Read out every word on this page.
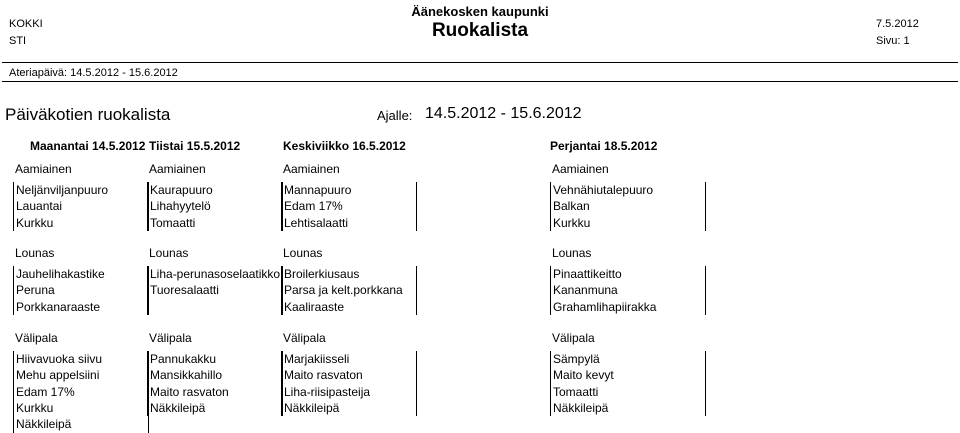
KOKKI
STI
Äänekosken kaupunki
Ruokalista	7.5.2012
Sivu: 1
Ateriapäivä: 14.5.2012 - 15.6.2012
Päiväkotien ruokalista	Ajalle: 14.5.2012 - 15.6.2012
Maanantai 14.5.2012
Aamiainen
Neljänviljanpuuro
Lauantai
Kurkku
Lounas
Jauhelihakastike
Peruna
Porkkanaraaste
Välipala
Hiivavuoka siivu
Mehu appelsiini
Edam 17%
Kurkku
Näkkileipä
Tiistai 15.5.2012
Aamiainen
Kaurapuuro
Lihahyytelö
Tomaatti
Lounas
Liha-perunasoselaatikko
Tuoresalaatti
Välipala
Pannukakku
Mansikkahillo
Maito rasvaton
Näkkileipä
Keskiviikko 16.5.2012
Aamiainen
Mannapuuro
Edam 17%
Lehtisalaatti
Lounas
Broilerkiusaus
Parsa ja kelt.porkkana
Kaaliraaste
Välipala
Marjakiisseli
Maito rasvaton
Liha-riisipasteija
Näkkileipä
Perjantai 18.5.2012
Aamiainen
Vehnähiutalepuuro
Balkan
Kurkku
Lounas
Pinaattikeitto
Kananmuna
Grahamlihapiirakka
Välipala
Sämpylä
Maito kevyt
Tomaatti
Näkkileipä
